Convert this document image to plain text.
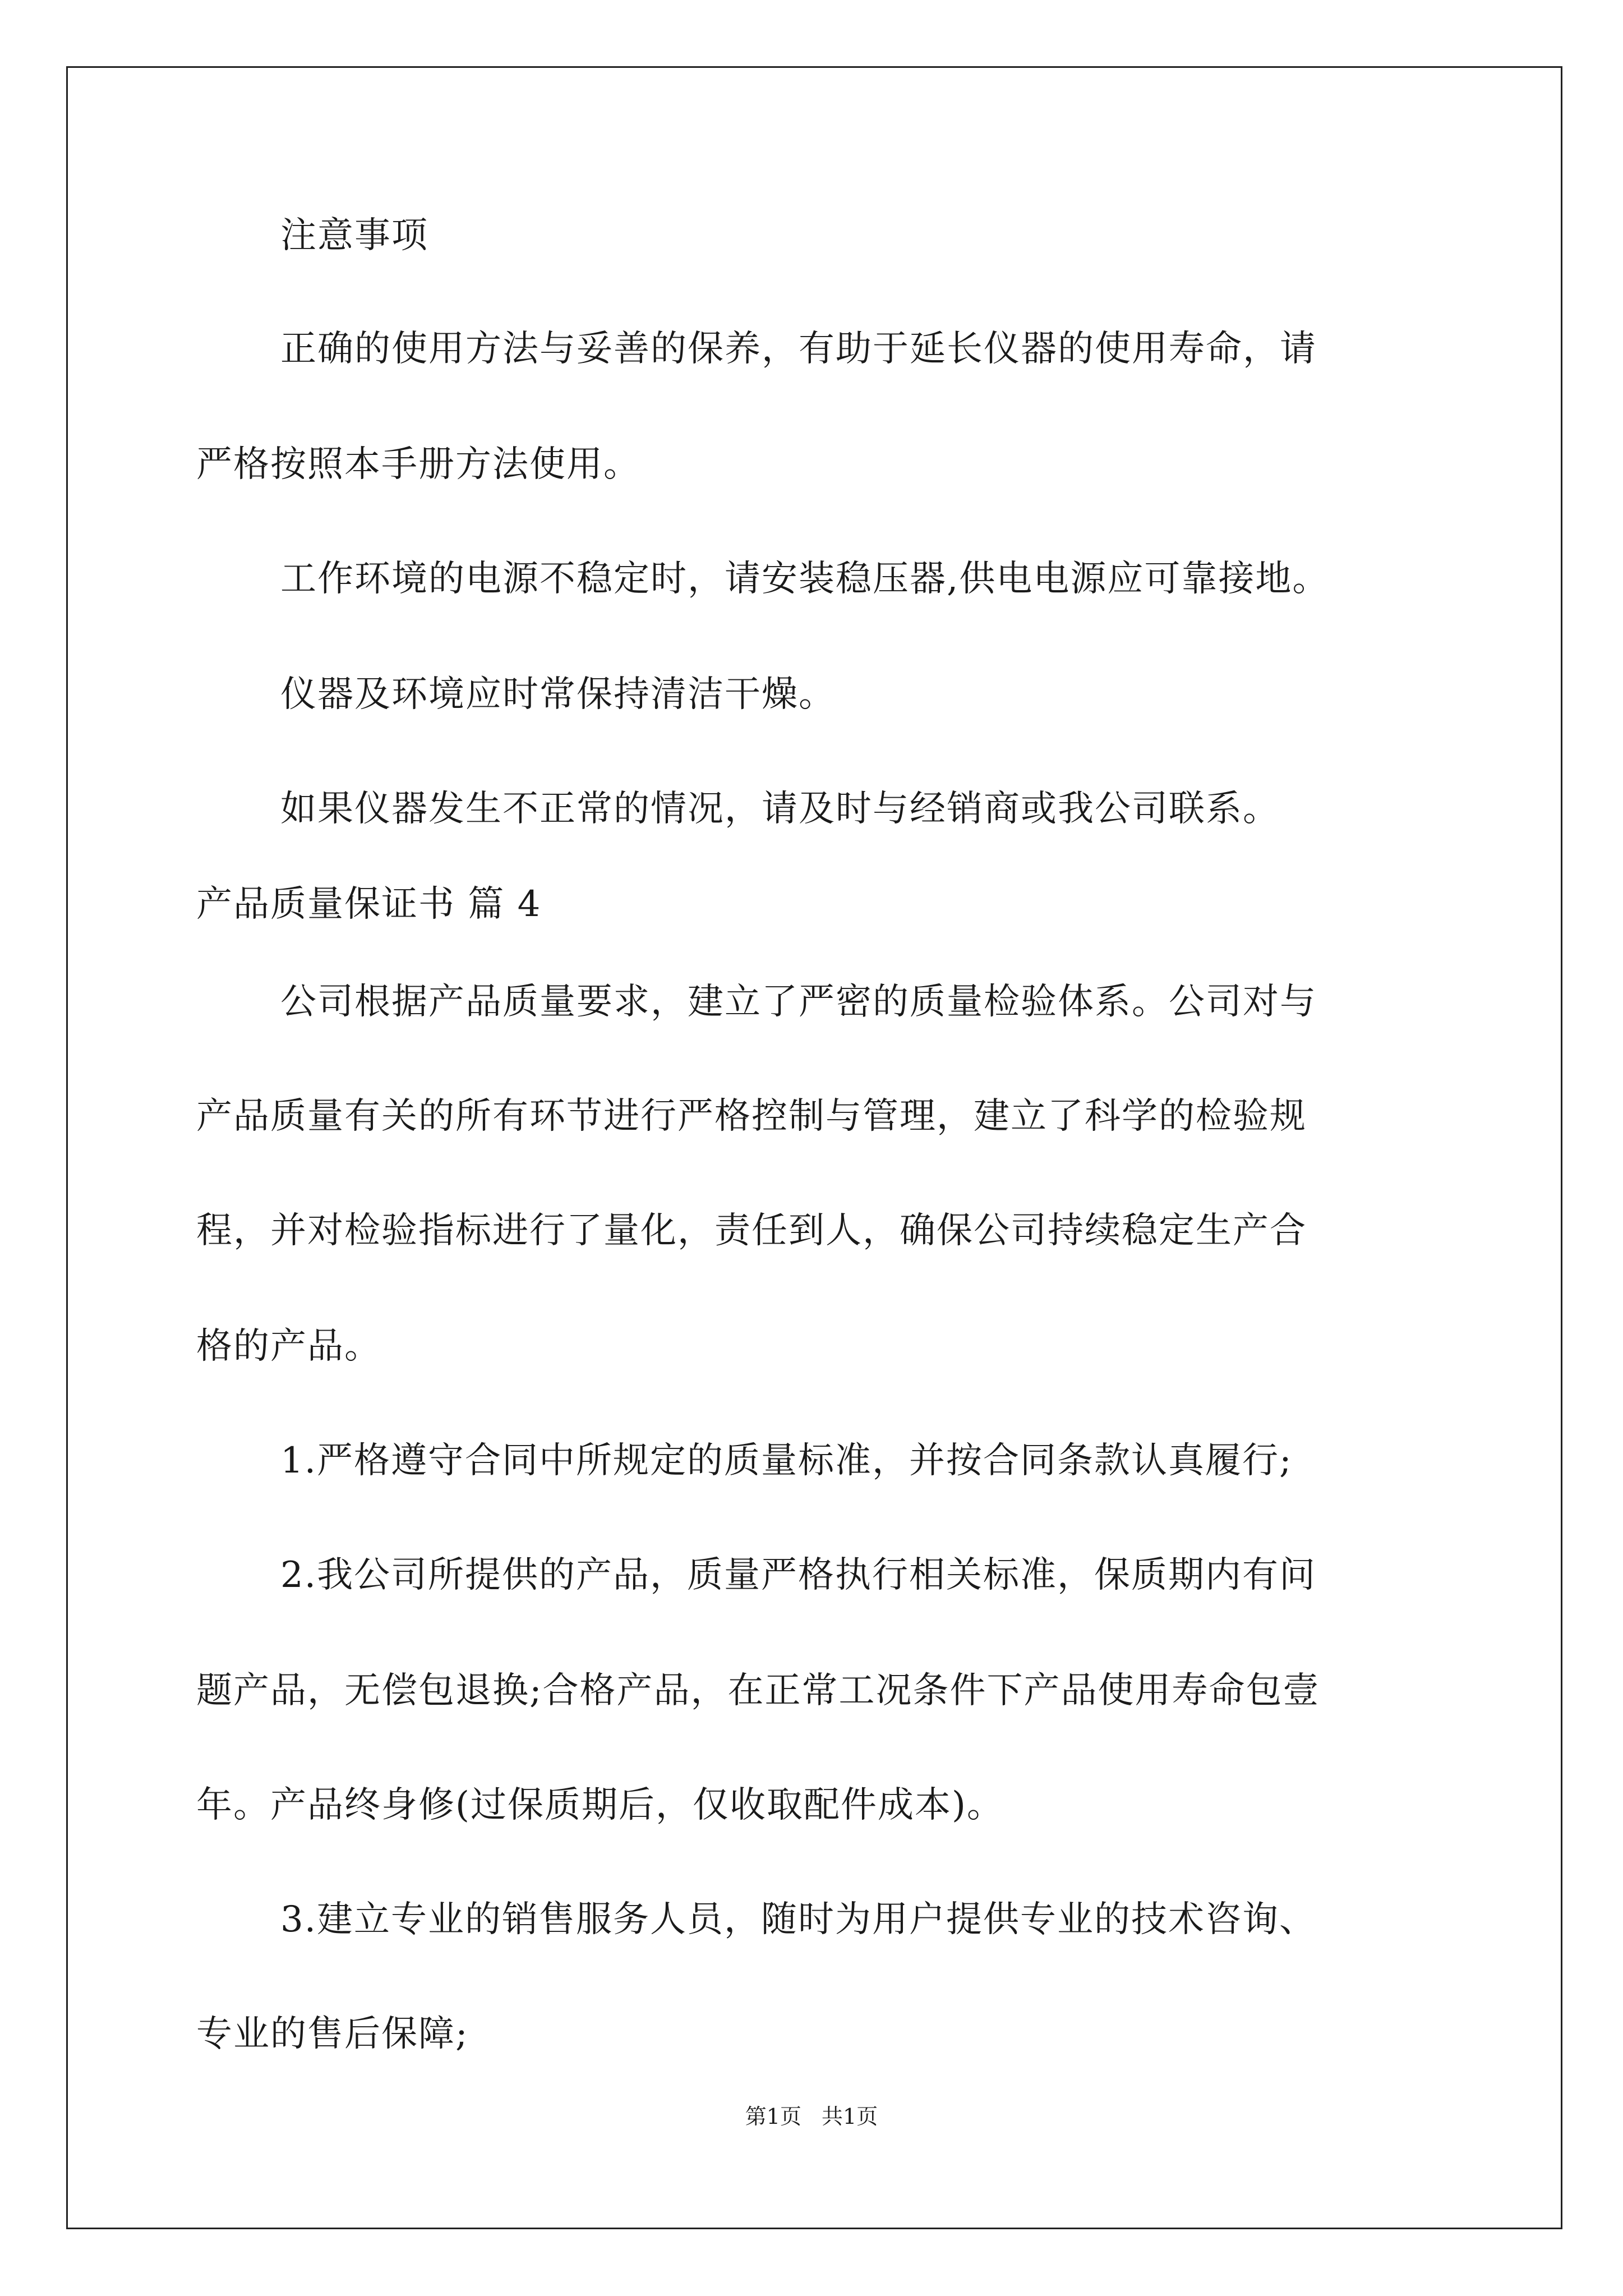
注意事项
正确的使用方法与妥善的保养，有助于延长仪器的使用寿命，请
严格按照本手册方法使用。
工作环境的电源不稳定时，请安装稳压器,供电电源应可靠接地。
仪器及环境应时常保持清洁干燥。
如果仪器发生不正常的情况，请及时与经销商或我公司联系。
产品质量保证书 篇 4
公司根据产品质量要求，建立了严密的质量检验体系。公司对与
产品质量有关的所有环节进行严格控制与管理，建立了科学的检验规
程，并对检验指标进行了量化，责任到人，确保公司持续稳定生产合
格的产品。
1.严格遵守合同中所规定的质量标准，并按合同条款认真履行;
2.我公司所提供的产品，质量严格执行相关标准，保质期内有问
题产品，无偿包退换;合格产品，在正常工况条件下产品使用寿命包壹
年。产品终身修(过保质期后，仅收取配件成本)。
3.建立专业的销售服务人员，随时为用户提供专业的技术咨询、
专业的售后保障;
第1页 共1页
